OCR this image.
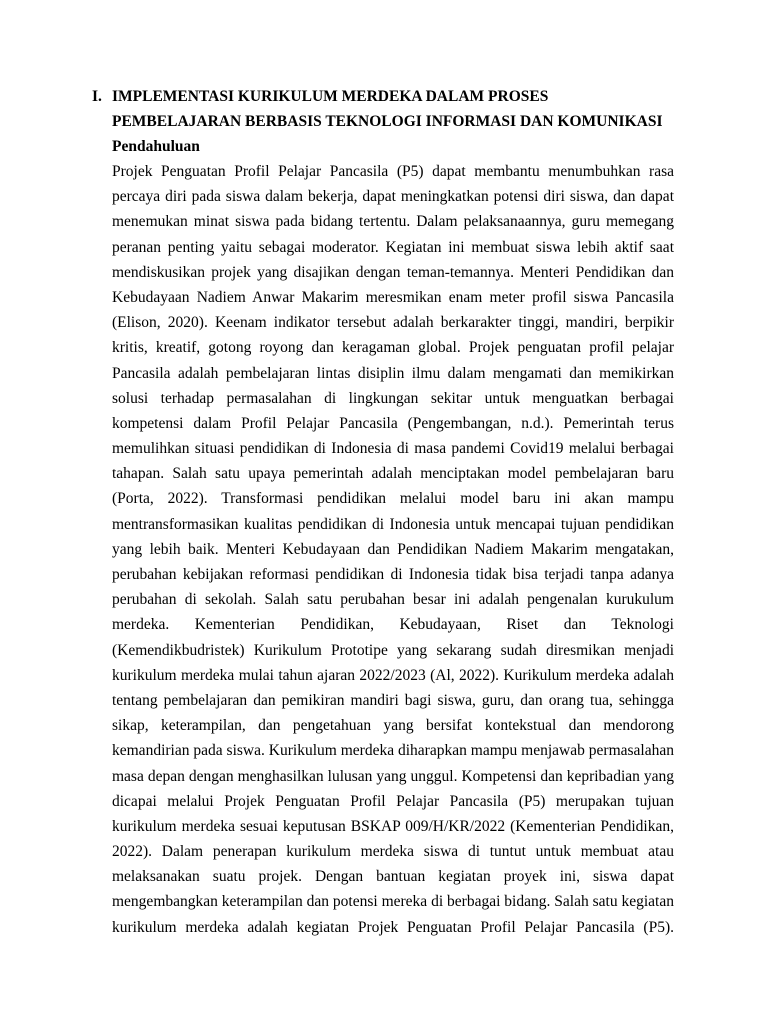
I. IMPLEMENTASI KURIKULUM MERDEKA DALAM PROSES
PEMBELAJARAN BERBASIS TEKNOLOGI INFORMASI DAN KOMUNIKASI
Pendahuluan
Projek Penguatan Profil Pelajar Pancasila (P5) dapat membantu menumbuhkan rasa
percaya diri pada siswa dalam bekerja, dapat meningkatkan potensi diri siswa, dan dapat
menemukan minat siswa pada bidang tertentu. Dalam pelaksanaannya, guru memegang
peranan penting yaitu sebagai moderator. Kegiatan ini membuat siswa lebih aktif saat
mendiskusikan projek yang disajikan dengan teman-temannya. Menteri Pendidikan dan
Kebudayaan Nadiem Anwar Makarim meresmikan enam meter profil siswa Pancasila
(Elison, 2020). Keenam indikator tersebut adalah berkarakter tinggi, mandiri, berpikir
kritis, kreatif, gotong royong dan keragaman global. Projek penguatan profil pelajar
Pancasila adalah pembelajaran lintas disiplin ilmu dalam mengamati dan memikirkan
solusi terhadap permasalahan di lingkungan sekitar untuk menguatkan berbagai
kompetensi dalam Profil Pelajar Pancasila (Pengembangan, n.d.). Pemerintah terus
memulihkan situasi pendidikan di Indonesia di masa pandemi Covid19 melalui berbagai
tahapan. Salah satu upaya pemerintah adalah menciptakan model pembelajaran baru
(Porta, 2022). Transformasi pendidikan melalui model baru ini akan mampu
mentransformasikan kualitas pendidikan di Indonesia untuk mencapai tujuan pendidikan
yang lebih baik. Menteri Kebudayaan dan Pendidikan Nadiem Makarim mengatakan,
perubahan kebijakan reformasi pendidikan di Indonesia tidak bisa terjadi tanpa adanya
perubahan di sekolah. Salah satu perubahan besar ini adalah pengenalan kurukulum
merdeka. Kementerian Pendidikan, Kebudayaan, Riset dan Teknologi
(Kemendikbudristek) Kurikulum Prototipe yang sekarang sudah diresmikan menjadi
kurikulum merdeka mulai tahun ajaran 2022/2023 (Al, 2022). Kurikulum merdeka adalah
tentang pembelajaran dan pemikiran mandiri bagi siswa, guru, dan orang tua, sehingga
sikap, keterampilan, dan pengetahuan yang bersifat kontekstual dan mendorong
kemandirian pada siswa. Kurikulum merdeka diharapkan mampu menjawab permasalahan
masa depan dengan menghasilkan lulusan yang unggul. Kompetensi dan kepribadian yang
dicapai melalui Projek Penguatan Profil Pelajar Pancasila (P5) merupakan tujuan
kurikulum merdeka sesuai keputusan BSKAP 009/H/KR/2022 (Kementerian Pendidikan,
2022). Dalam penerapan kurikulum merdeka siswa di tuntut untuk membuat atau
melaksanakan suatu projek. Dengan bantuan kegiatan proyek ini, siswa dapat
mengembangkan keterampilan dan potensi mereka di berbagai bidang. Salah satu kegiatan
kurikulum merdeka adalah kegiatan Projek Penguatan Profil Pelajar Pancasila (P5).
